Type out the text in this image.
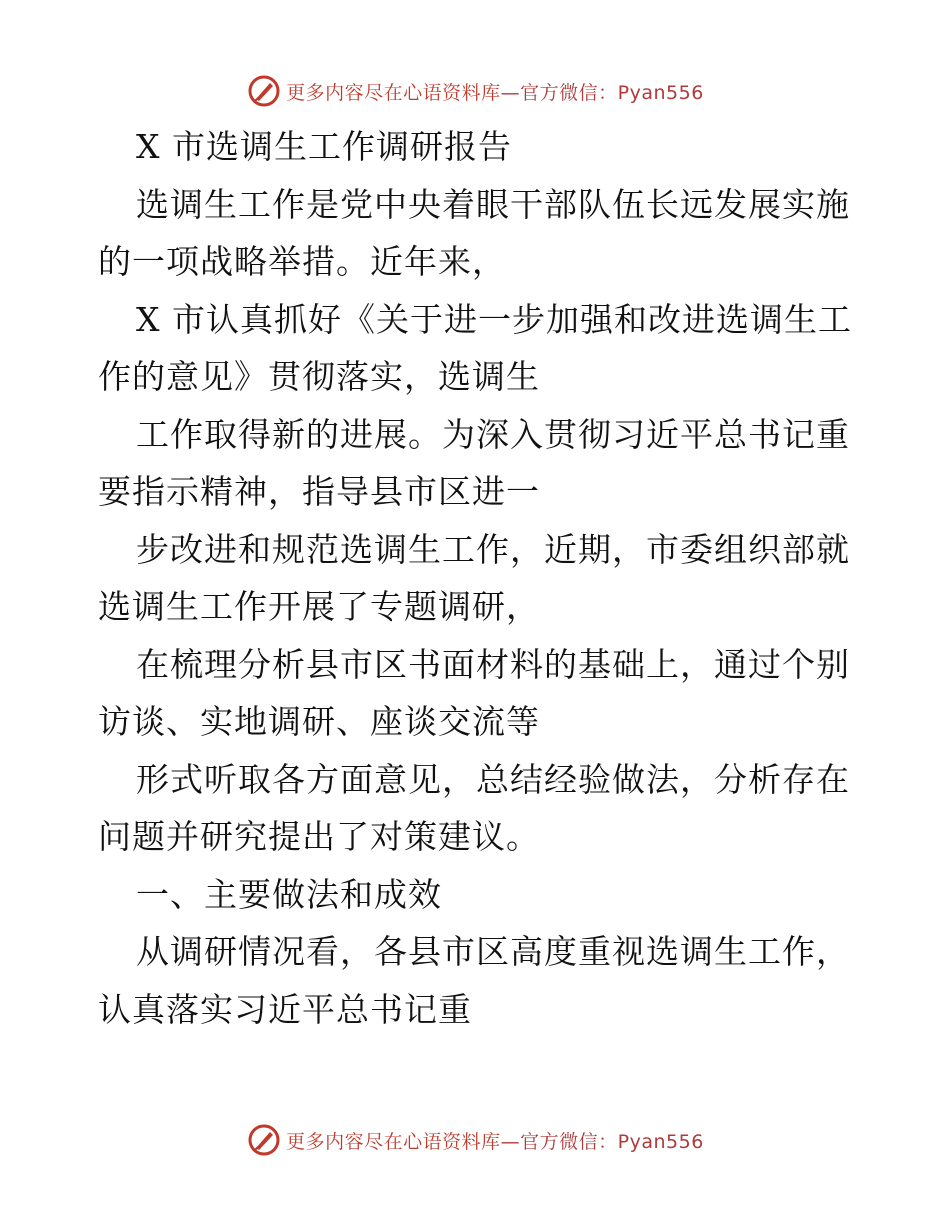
更多内容尽在心语资料库 —官方微信：Pyan556
X 市选调生工作调研报告
选调生工作是党中央着眼干部队伍长远发展实施
的一项战略举措。近年来，
X 市认真抓好《关于进一步加强和改进选调生工
作的意见》贯彻落实，选调生
工作取得新的进展。为深入贯彻习近平总书记重
要指示精神，指导县市区进一
步改进和规范选调生工作，近期，市委组织部就
选调生工作开展了专题调研，
在梳理分析县市区书面材料的基础上，通过个别
访谈、实地调研、座谈交流等
形式听取各方面意见，总结经验做法，分析存在
问题并研究提出了对策建议。
一、主要做法和成效
从调研情况看，各县市区高度重视选调生工作，
认真落实习近平总书记重
更多内容尽在心语资料库 —官方微信：Pyan556
